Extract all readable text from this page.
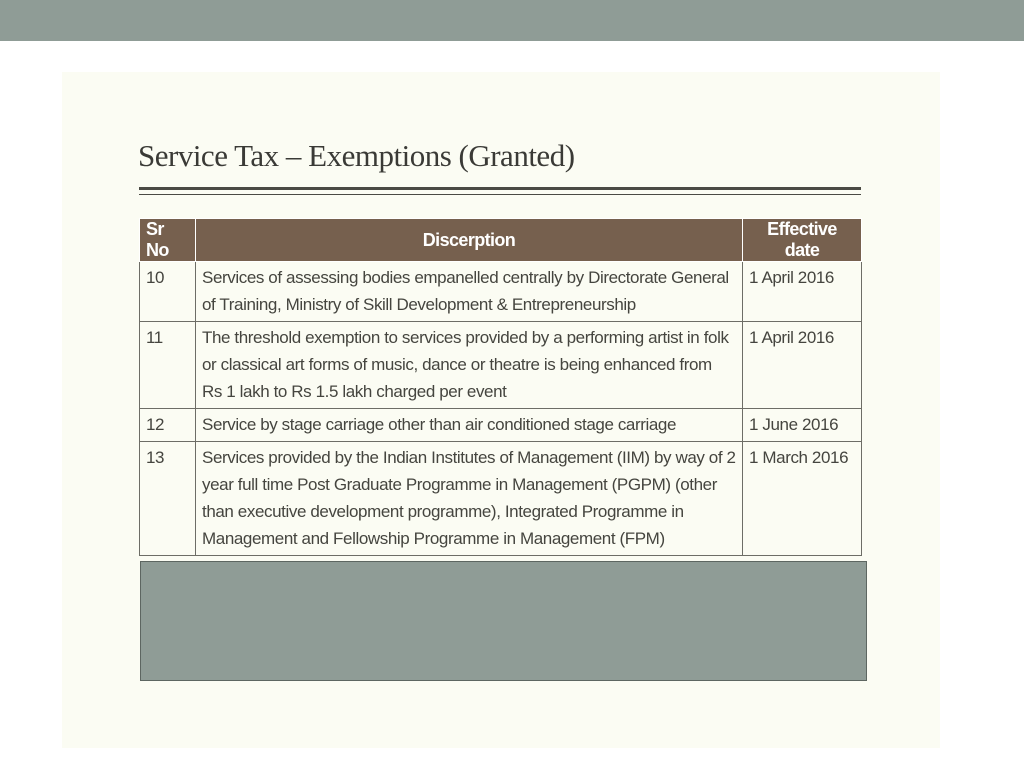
Service Tax – Exemptions (Granted)
Sr No	Discerption	Effective date
10	Services of assessing bodies empanelled centrally by Directorate General of Training, Ministry of Skill Development & Entrepreneurship	1 April 2016
11	The threshold exemption to services provided by a performing artist in folk or classical art forms of music, dance or theatre is being enhanced from Rs 1 lakh to Rs 1.5 lakh charged per event	1 April 2016
12	Service by stage carriage other than air conditioned stage carriage	1 June 2016
13	Services provided by the Indian Institutes of Management (IIM) by way of 2 year full time Post Graduate Programme in Management (PGPM) (other than executive development programme), Integrated Programme in Management and Fellowship Programme in Management (FPM)	1 March 2016
